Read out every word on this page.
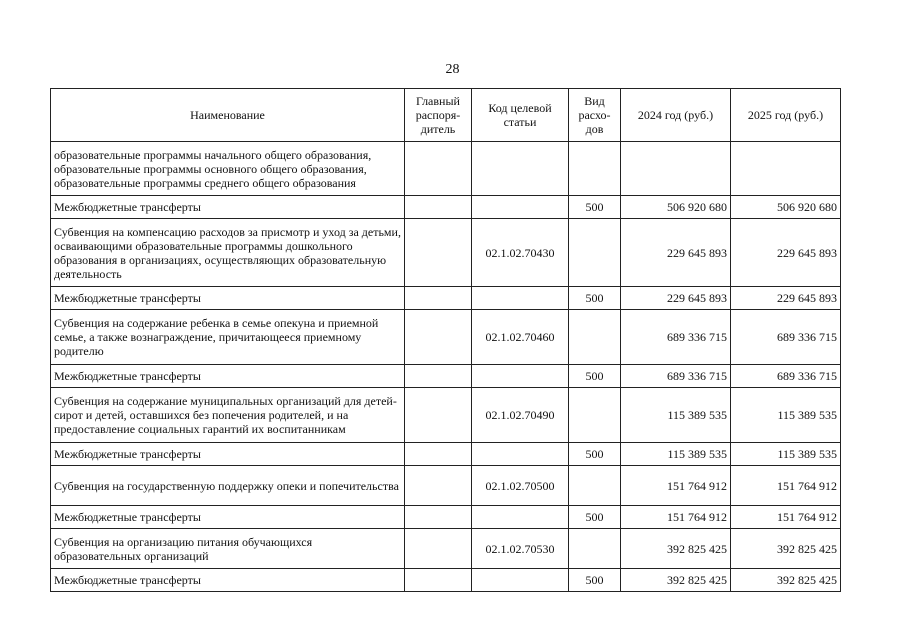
28
Наименование	Главный распоря-дитель	Код целевой статьи	Вид расхо-дов	2024 год (руб.)	2025 год (руб.)
образовательные программы начального общего образования, образовательные программы основного общего образования, образовательные программы среднего общего образования					
Межбюджетные трансферты			500	506 920 680	506 920 680
Субвенция на компенсацию расходов за присмотр и уход за детьми, осваивающими образовательные программы дошкольного образования в организациях, осуществляющих образовательную деятельность		02.1.02.70430		229 645 893	229 645 893
Межбюджетные трансферты			500	229 645 893	229 645 893
Субвенция на содержание ребенка в семье опекуна и приемной семье, а также вознаграждение, причитающееся приемному родителю		02.1.02.70460		689 336 715	689 336 715
Межбюджетные трансферты			500	689 336 715	689 336 715
Субвенция на содержание муниципальных организаций для детей-сирот и детей, оставшихся без попечения родителей, и на предоставление социальных гарантий их воспитанникам		02.1.02.70490		115 389 535	115 389 535
Межбюджетные трансферты			500	115 389 535	115 389 535
Субвенция на государственную поддержку опеки и попечительства		02.1.02.70500		151 764 912	151 764 912
Межбюджетные трансферты			500	151 764 912	151 764 912
Субвенция на организацию питания обучающихся образовательных организаций		02.1.02.70530		392 825 425	392 825 425
Межбюджетные трансферты			500	392 825 425	392 825 425
